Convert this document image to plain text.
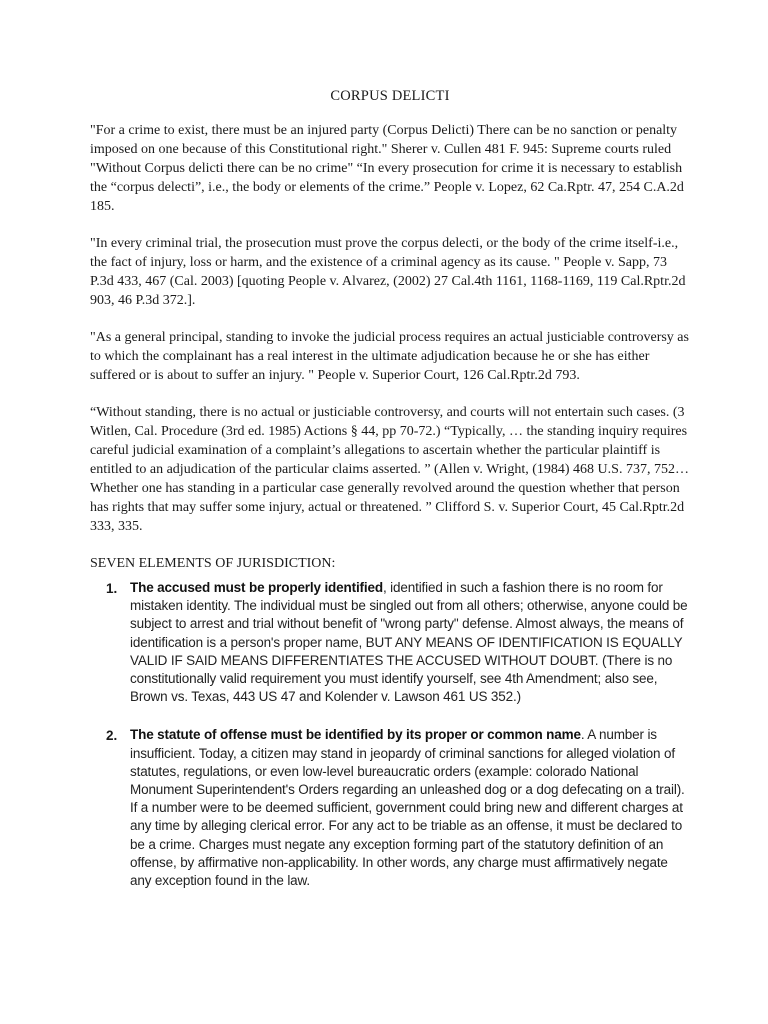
CORPUS DELICTI

"For a crime to exist, there must be an injured party (Corpus Delicti) There can be no sanction or penalty imposed on one because of this Constitutional right." Sherer v. Cullen 481 F. 945: Supreme courts ruled "Without Corpus delicti there can be no crime" “In every prosecution for crime it is necessary to establish the “corpus delecti”, i.e., the body or elements of the crime.” People v. Lopez, 62 Ca.Rptr. 47, 254 C.A.2d 185.

"In every criminal trial, the prosecution must prove the corpus delecti, or the body of the crime itself-i.e., the fact of injury, loss or harm, and the existence of a criminal agency as its cause. " People v. Sapp, 73 P.3d 433, 467 (Cal. 2003) [quoting People v. Alvarez, (2002) 27 Cal.4th 1161, 1168-1169, 119 Cal.Rptr.2d 903, 46 P.3d 372.].

"As a general principal, standing to invoke the judicial process requires an actual justiciable controversy as to which the complainant has a real interest in the ultimate adjudication because he or she has either suffered or is about to suffer an injury. " People v. Superior Court, 126 Cal.Rptr.2d 793.

“Without standing, there is no actual or justiciable controversy, and courts will not entertain such cases. (3 Witlen, Cal. Procedure (3rd ed. 1985) Actions § 44, pp 70-72.) “Typically, … the standing inquiry requires careful judicial examination of a complaint’s allegations to ascertain whether the particular plaintiff is entitled to an adjudication of the particular claims asserted. ” (Allen v. Wright, (1984) 468 U.S. 737, 752…Whether one has standing in a particular case generally revolved around the question whether that person has rights that may suffer some injury, actual or threatened. ” Clifford S. v. Superior Court, 45 Cal.Rptr.2d 333, 335.

SEVEN ELEMENTS OF JURISDICTION:
1. The accused must be properly identified, identified in such a fashion there is no room for mistaken identity. The individual must be singled out from all others; otherwise, anyone could be subject to arrest and trial without benefit of "wrong party" defense. Almost always, the means of identification is a person's proper name, BUT ANY MEANS OF IDENTIFICATION IS EQUALLY VALID IF SAID MEANS DIFFERENTIATES THE ACCUSED WITHOUT DOUBT. (There is no constitutionally valid requirement you must identify yourself, see 4th Amendment; also see, Brown vs. Texas, 443 US 47 and Kolender v. Lawson 461 US 352.)
2. The statute of offense must be identified by its proper or common name. A number is insufficient. Today, a citizen may stand in jeopardy of criminal sanctions for alleged violation of statutes, regulations, or even low-level bureaucratic orders (example: colorado National Monument Superintendent's Orders regarding an unleashed dog or a dog defecating on a trail). If a number were to be deemed sufficient, government could bring new and different charges at any time by alleging clerical error. For any act to be triable as an offense, it must be declared to be a crime. Charges must negate any exception forming part of the statutory definition of an offense, by affirmative non-applicability. In other words, any charge must affirmatively negate any exception found in the law.
